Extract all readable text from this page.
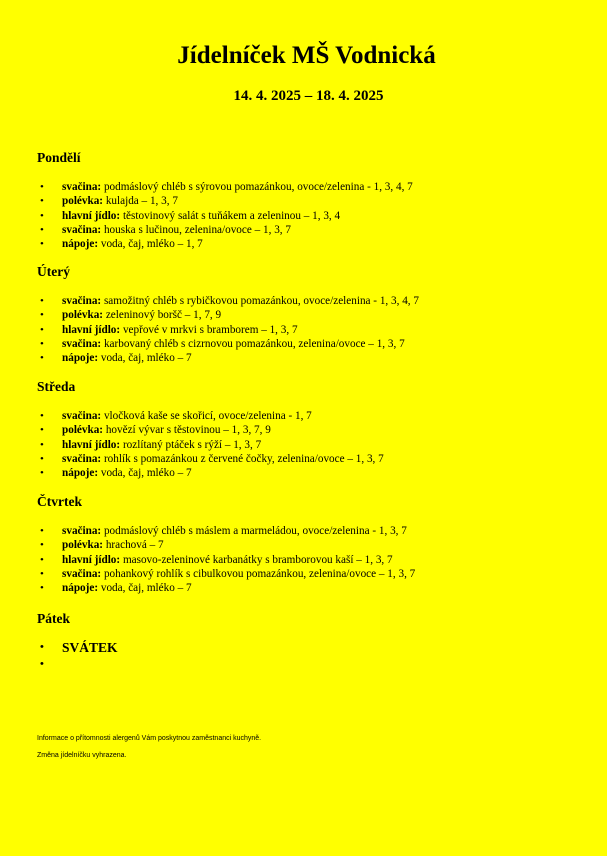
Jídelníček MŠ Vodnická
14. 4. 2025 – 18. 4. 2025
Pondělí
• svačina: podmáslový chléb s sýrovou pomazánkou, ovoce/zelenina - 1, 3, 4, 7
• polévka: kulajda – 1, 3, 7
• hlavní jídlo: těstovinový salát s tuňákem a zeleninou – 1, 3, 4
• svačina: houska s lučinou, zelenina/ovoce – 1, 3, 7
• nápoje: voda, čaj, mléko – 1, 7
Úterý
• svačina: samožitný chléb s rybičkovou pomazánkou, ovoce/zelenina - 1, 3, 4, 7
• polévka: zeleninový boršč – 1, 7, 9
• hlavní jídlo: vepřové v mrkvi s bramborem – 1, 3, 7
• svačina: karbovaný chléb s cizrnovou pomazánkou, zelenina/ovoce – 1, 3, 7
• nápoje: voda, čaj, mléko – 7
Středa
• svačina: vločková kaše se skořicí, ovoce/zelenina - 1, 7
• polévka: hovězí vývar s těstovinou – 1, 3, 7, 9
• hlavní jídlo: rozlítaný ptáček s rýží – 1, 3, 7
• svačina: rohlík s pomazánkou z červené čočky, zelenina/ovoce – 1, 3, 7
• nápoje: voda, čaj, mléko – 7
Čtvrtek
• svačina: podmáslový chléb s máslem a marmeládou, ovoce/zelenina - 1, 3, 7
• polévka: hrachová – 7
• hlavní jídlo: masovo-zeleninové karbanátky s bramborovou kaší – 1, 3, 7
• svačina: pohankový rohlík s cibulkovou pomazánkou, zelenina/ovoce – 1, 3, 7
• nápoje: voda, čaj, mléko – 7
Pátek
• SVÁTEK
Informace o přítomnosti alergenů Vám poskytnou zaměstnanci kuchyně.
Změna jídelníčku vyhrazena.
